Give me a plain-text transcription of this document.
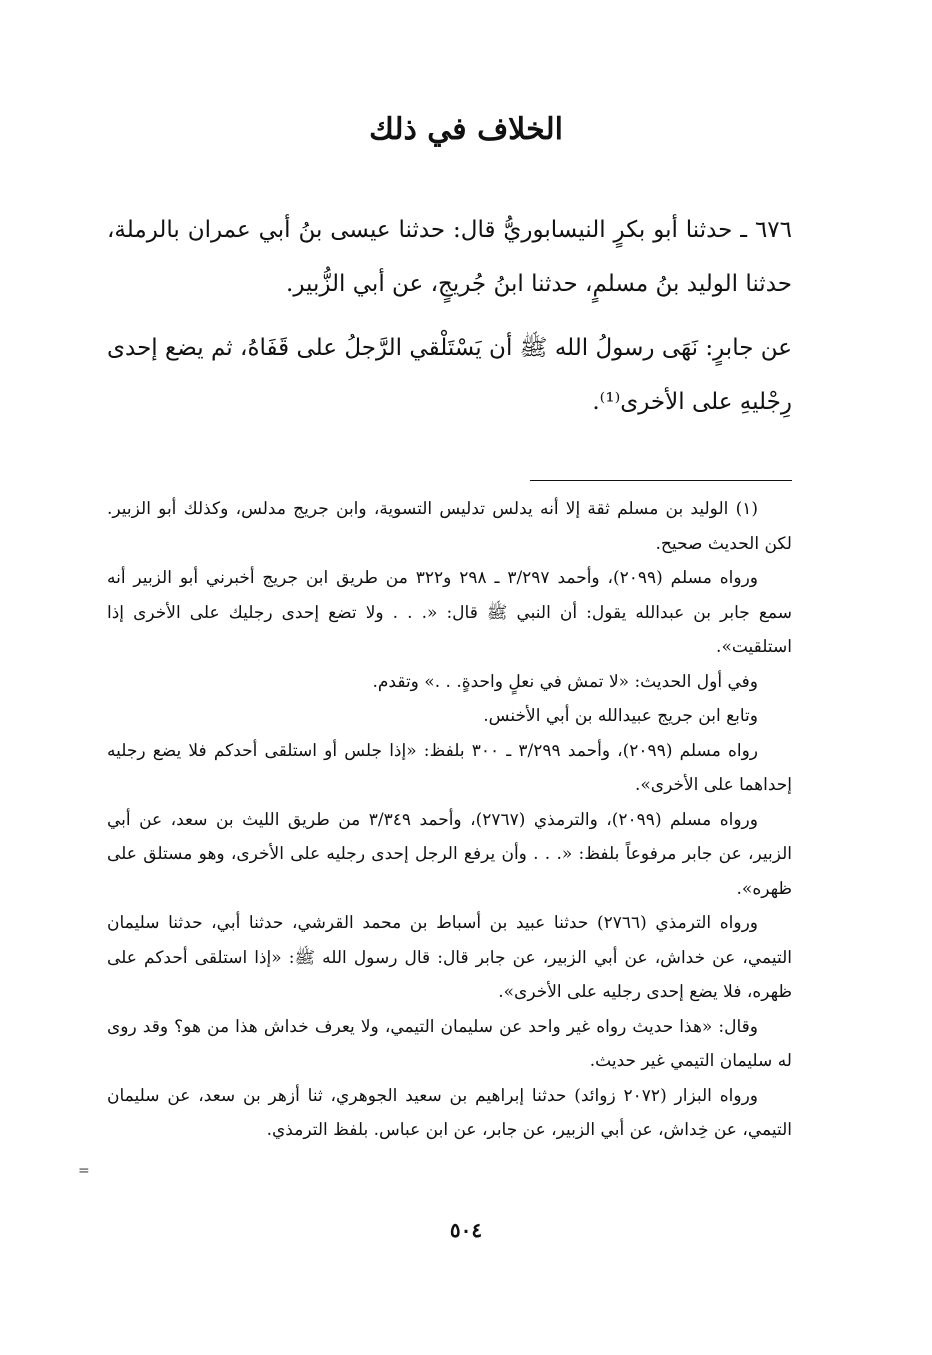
الخلاف في ذلك

٦٧٦ ـ حدثنا أبو بكرٍ النيسابوريُّ قال: حدثنا عيسى بنُ أبي عمران بالرملة، حدثنا الوليد بنُ مسلمٍ، حدثنا ابنُ جُريجٍ، عن أبي الزُّبير.

عن جابرٍ: نَهَى رسولُ الله ﷺ أن يَسْتَلْقي الرَّجلُ على قَفَاهُ، ثم يضع إحدى رِجْليهِ على الأخرى⁽¹⁾.

(١) الوليد بن مسلم ثقة إلا أنه يدلس تدليس التسوية، وابن جريج مدلس، وكذلك أبو الزبير. لكن الحديث صحيح.

ورواه مسلم (٢٠٩٩)، وأحمد ٣/٢٩٧ ـ ٢٩٨ و٣٢٢ من طريق ابن جريج أخبرني أبو الزبير أنه سمع جابر بن عبدالله يقول: أن النبي ﷺ قال: «. . . ولا تضع إحدى رجليك على الأخرى إذا استلقيت».

وفي أول الحديث: «لا تمش في نعلٍ واحدةٍ. . .» وتقدم.

وتابع ابن جريج عبيدالله بن أبي الأخنس.

رواه مسلم (٢٠٩٩)، وأحمد ٣/٢٩٩ ـ ٣٠٠ بلفظ: «إذا جلس أو استلقى أحدكم فلا يضع رجليه إحداهما على الأخرى».

ورواه مسلم (٢٠٩٩)، والترمذي (٢٧٦٧)، وأحمد ٣/٣٤٩ من طريق الليث بن سعد، عن أبي الزبير، عن جابر مرفوعاً بلفظ: «. . . وأن يرفع الرجل إحدى رجليه على الأخرى، وهو مستلق على ظهره».

ورواه الترمذي (٢٧٦٦) حدثنا عبيد بن أسباط بن محمد القرشي، حدثنا أبي، حدثنا سليمان التيمي، عن خداش، عن أبي الزبير، عن جابر قال: قال رسول الله ﷺ: «إذا استلقى أحدكم على ظهره، فلا يضع إحدى رجليه على الأخرى».

وقال: «هذا حديث رواه غير واحد عن سليمان التيمي، ولا يعرف خداش هذا من هو؟ وقد روى له سليمان التيمي غير حديث.

ورواه البزار (٢٠٧٢ زوائد) حدثنا إبراهيم بن سعيد الجوهري، ثنا أزهر بن سعد، عن سليمان التيمي، عن خِداش، عن أبي الزبير، عن جابر، عن ابن عباس. بلفظ الترمذي.

=
٥٠٤
